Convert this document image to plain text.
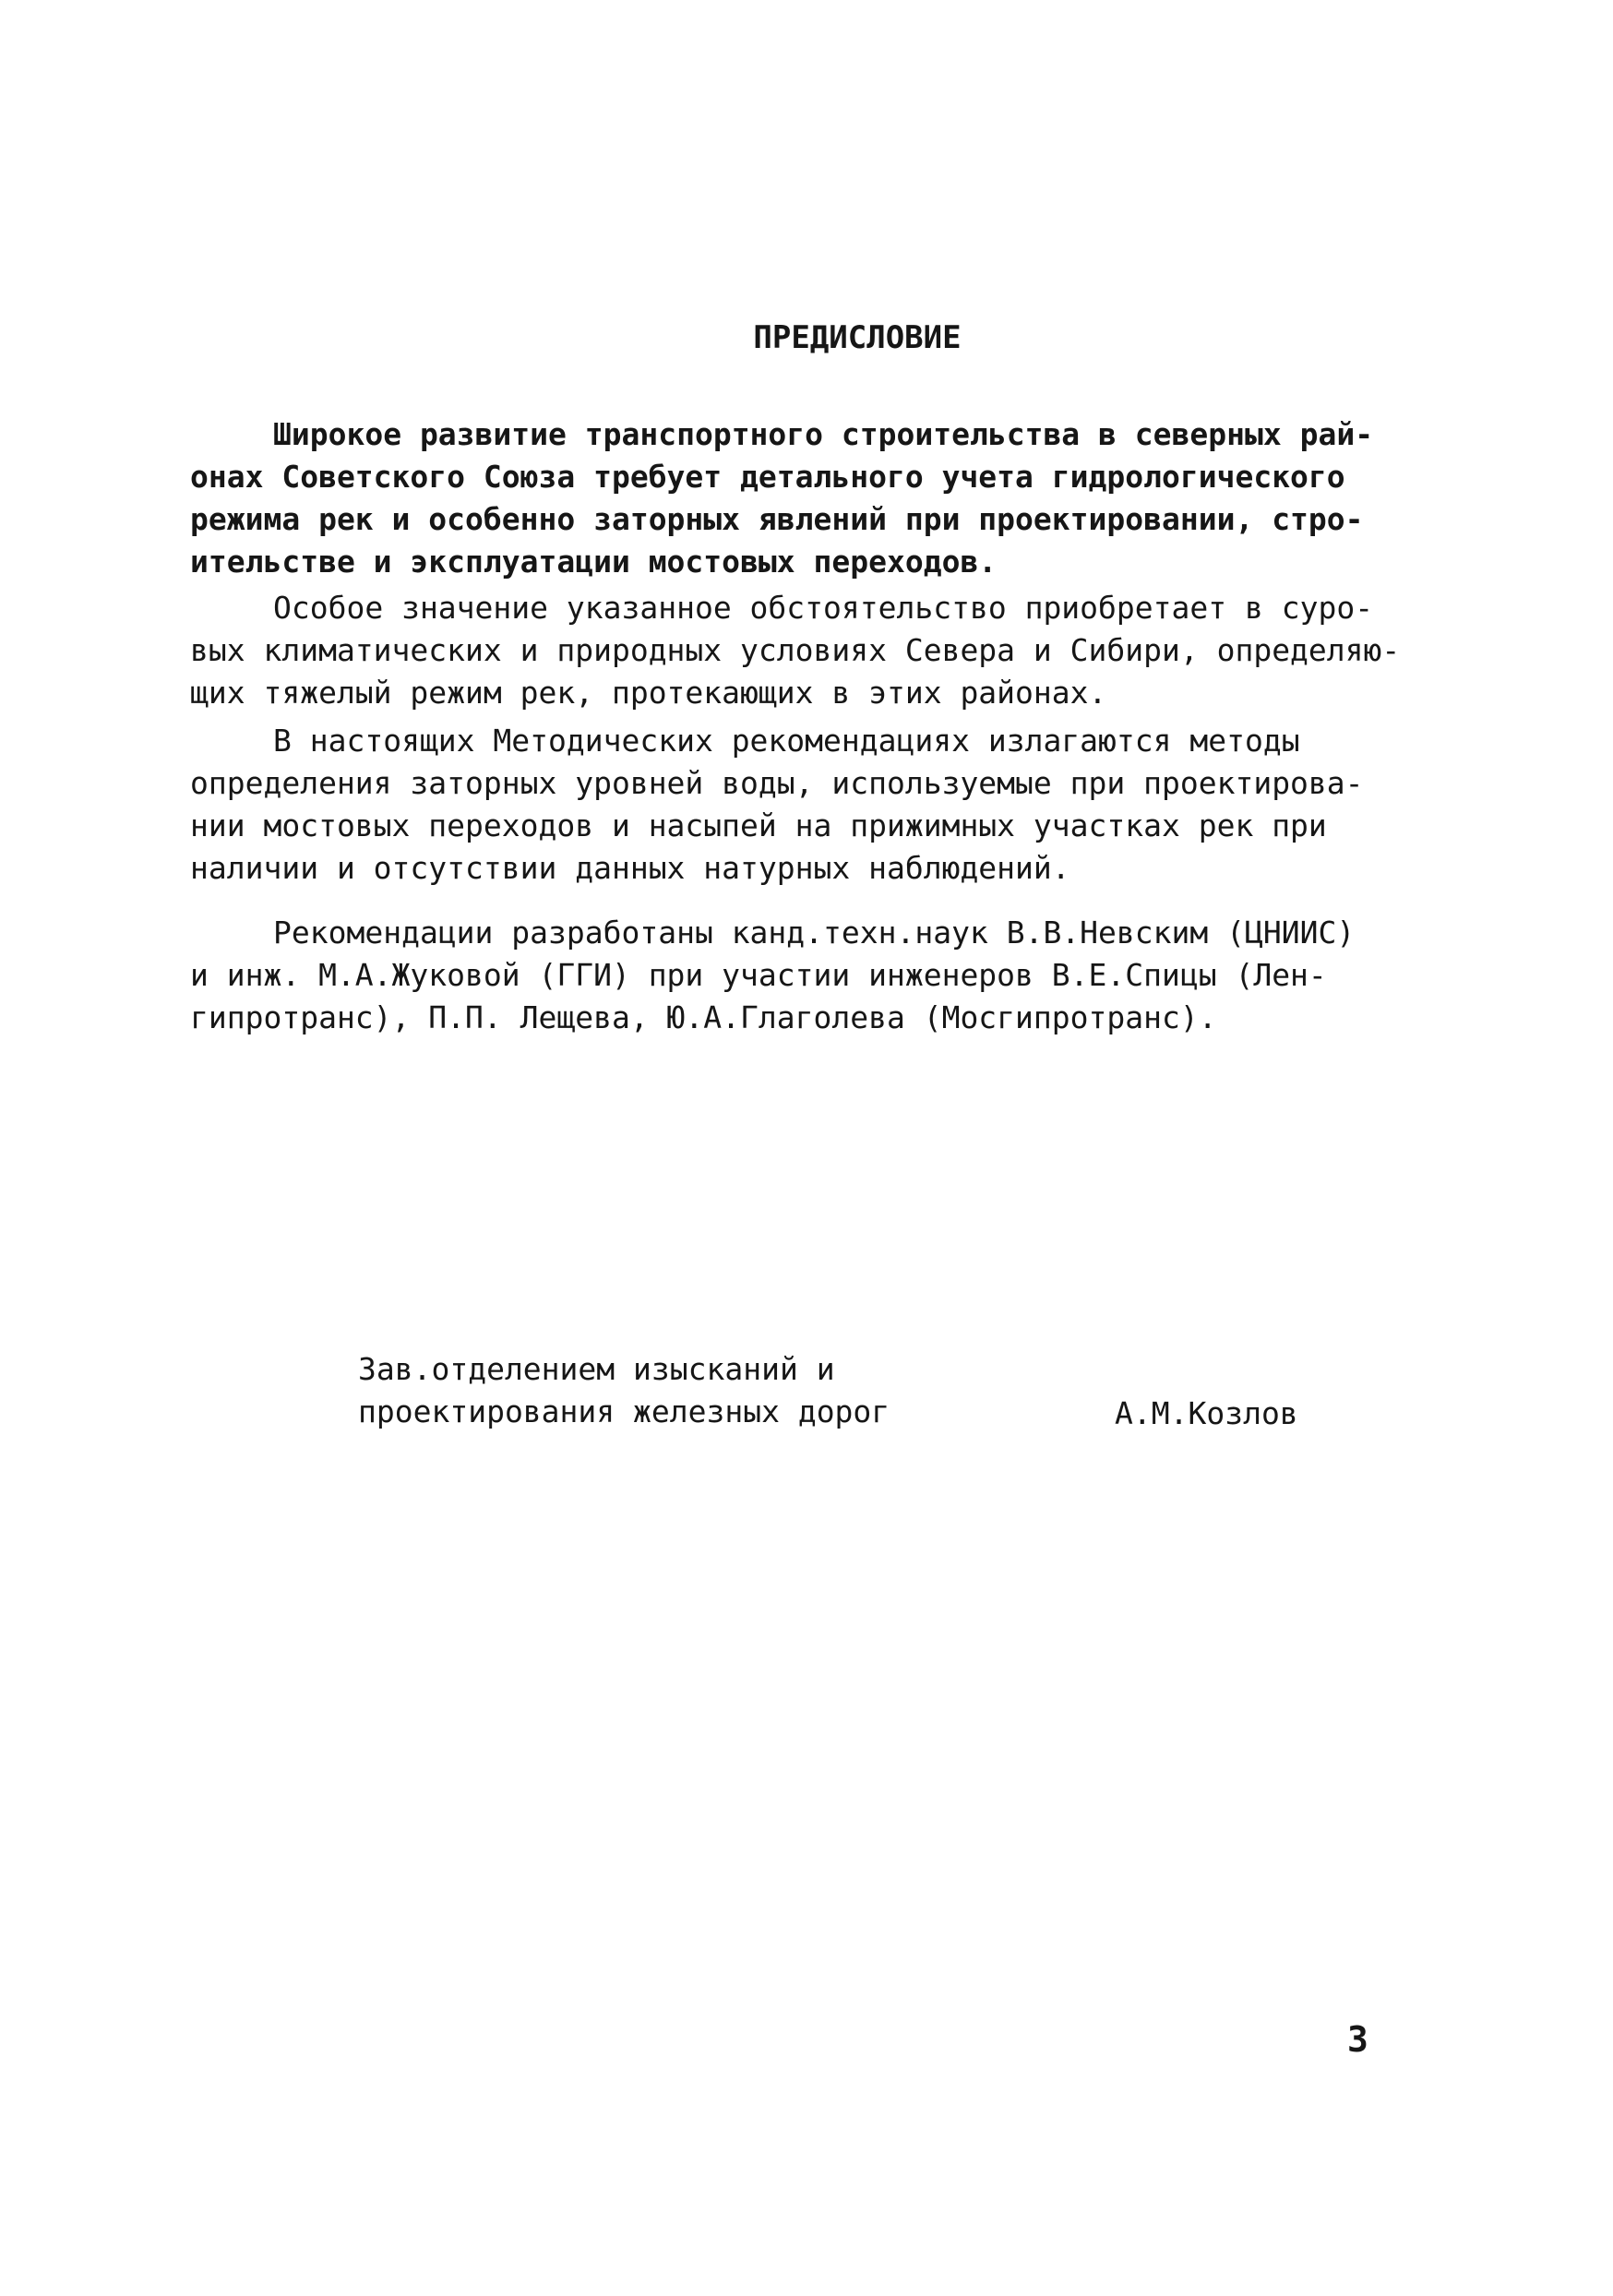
ПРЕДИСЛОВИЕ
Широкое развитие транспортного строительства в северных рай-
онах Советского Союза требует детального учета гидрологического
режима рек и особенно заторных явлений при проектировании, стро-
ительстве и эксплуатации мостовых переходов.
Особое значение указанное обстоятельство приобретает в суро-
вых климатических и природных условиях Севера и Сибири, определяю-
щих тяжелый режим рек, протекающих в этих районах.
В настоящих Методических рекомендациях излагаются методы
определения заторных уровней воды, используемые при проектирова-
нии мостовых переходов и насыпей на прижимных участках рек при
наличии и отсутствии данных натурных наблюдений.
Рекомендации разработаны канд.техн.наук В.В.Невским (ЦНИИС)
и инж. М.А.Жуковой (ГГИ) при участии инженеров В.Е.Спицы (Лен-
гипротранс), П.П. Лещева, Ю.А.Глаголева (Мосгипротранс).
Зав.отделением изысканий и
проектирования железных дорог	А.М.Козлов
3
